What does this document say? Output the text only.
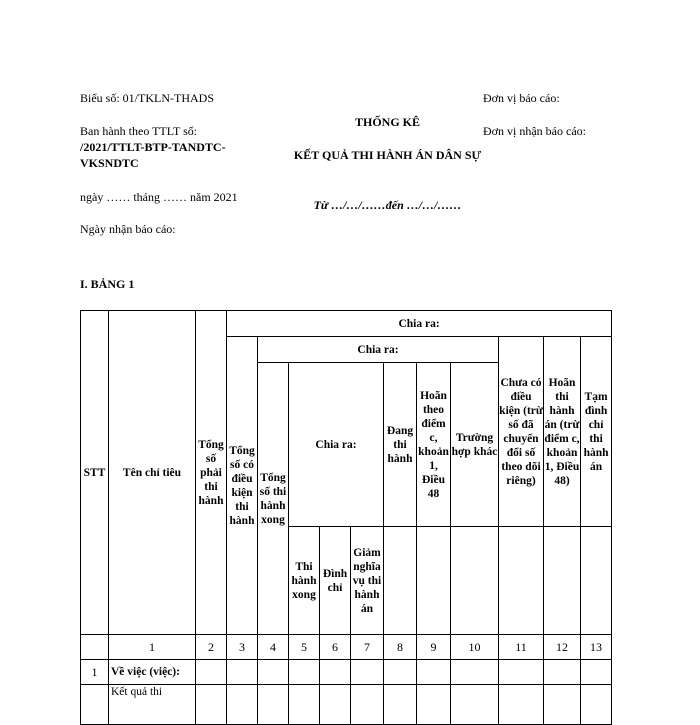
Biểu số: 01/TKLN-THADS
Ban hành theo TTLT số:
/2021/TTLT-BTP-TANDTC-
VKSNDTC
ngày …… tháng …… năm 2021
Ngày nhận báo cáo:
THỐNG KÊ
KẾT QUẢ THI HÀNH ÁN DÂN SỰ
Từ …/…/……đến …/…/……
Đơn vị báo cáo:
Đơn vị nhận báo cáo:
I. BẢNG 1
STT	Tên chỉ tiêu	Tổng số phải thi hành	Chia ra:										
			Tổng số có điều kiện thi hành	Chia ra:							Chưa có điều kiện (trừ số đã chuyển đổi số theo dõi riêng)	Hoãn thi hành án (trừ điểm c, khoản 1, Điều 48)	Tạm đình chỉ thi hành án
				Tổng số thi hành xong	Chia ra:			Đang thi hành	Hoãn theo điểm c, khoản 1, Điều 48	Trường hợp khác			
					Thi hành xong	Đình chỉ	Giảm nghĩa vụ thi hành án						
	1	2	3	4	5	6	7	8	9	10	11	12	13
1	Về việc (việc):												

	Kết quả thi												
